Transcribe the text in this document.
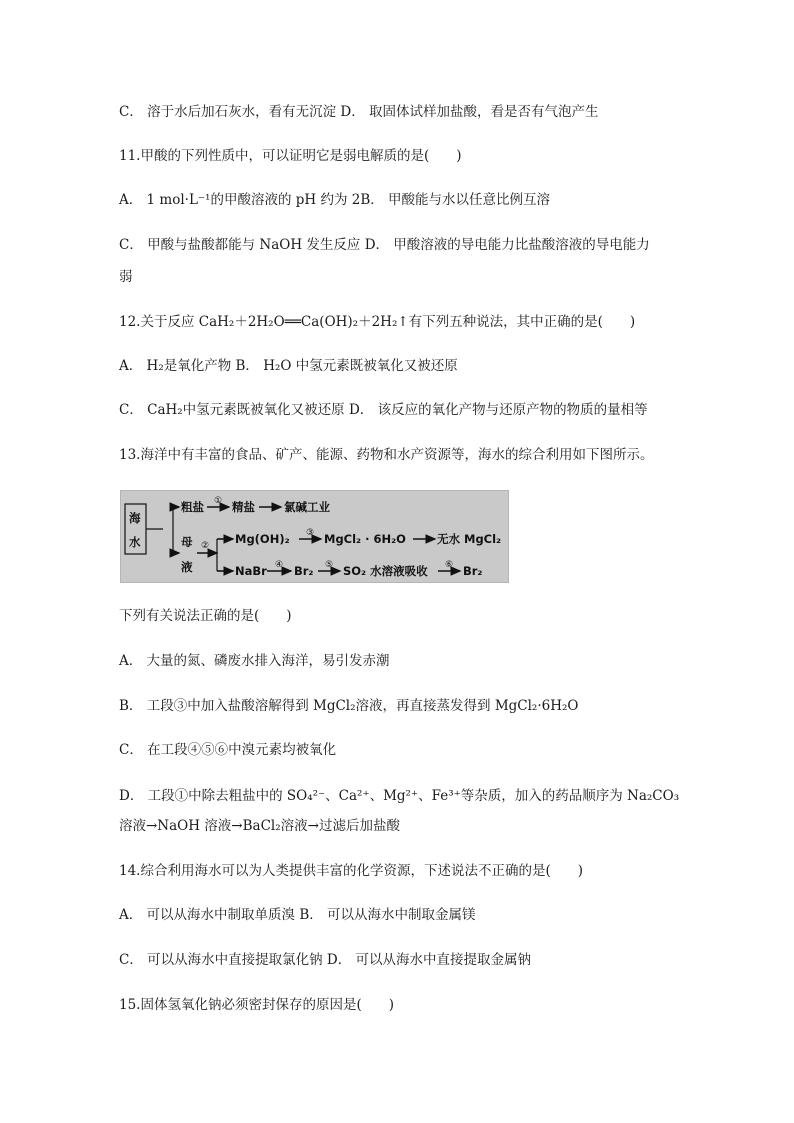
C． 溶于水后加石灰水，看有无沉淀 D． 取固体试样加盐酸，看是否有气泡产生
11.甲酸的下列性质中，可以证明它是弱电解质的是(　　)
A． 1 mol·L⁻¹的甲酸溶液的 pH 约为 2B． 甲酸能与水以任意比例互溶
C． 甲酸与盐酸都能与 NaOH 发生反应 D． 甲酸溶液的导电能力比盐酸溶液的导电能力
弱
12.关于反应 CaH₂＋2H₂O══Ca(OH)₂＋2H₂↑有下列五种说法，其中正确的是(　　)
A． H₂是氧化产物 B． H₂O 中氢元素既被氧化又被还原
C． CaH₂中氢元素既被氧化又被还原 D． 该反应的氧化产物与还原产物的物质的量相等
13.海洋中有丰富的食品、矿产、能源、药物和水产资源等，海水的综合利用如下图所示。
海
水
粗盐 ① 精盐	氯碱工业
母
液
② Mg(OH)₂ ③ MgCl₂ · 6H₂O	无水 MgCl₂
NaBr ④ Br₂ ⑤ SO₂ 水溶液吸收 ⑥ Br₂
下列有关说法正确的是(　　)
A． 大量的氮、磷废水排入海洋，易引发赤潮
B． 工段③中加入盐酸溶解得到 MgCl₂溶液，再直接蒸发得到 MgCl₂·6H₂O
C． 在工段④⑤⑥中溴元素均被氧化
D． 工段①中除去粗盐中的 SO₄²⁻、Ca²⁺、Mg²⁺、Fe³⁺等杂质，加入的药品顺序为 Na₂CO₃
溶液→NaOH 溶液→BaCl₂溶液→过滤后加盐酸
14.综合利用海水可以为人类提供丰富的化学资源，下述说法不正确的是(　　)
A． 可以从海水中制取单质溴 B． 可以从海水中制取金属镁
C． 可以从海水中直接提取氯化钠 D． 可以从海水中直接提取金属钠
15.固体氢氧化钠必须密封保存的原因是(　　)
